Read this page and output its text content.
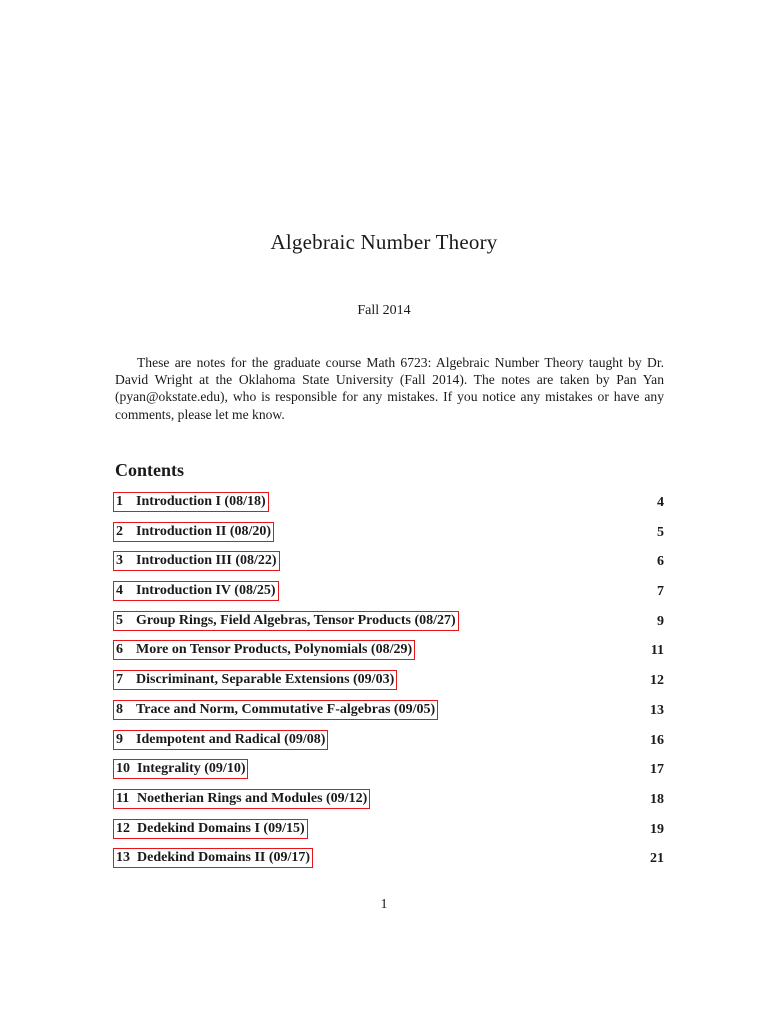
Algebraic Number Theory
Fall 2014
These are notes for the graduate course Math 6723: Algebraic Number Theory taught by Dr. David Wright at the Oklahoma State University (Fall 2014). The notes are taken by Pan Yan (pyan@okstate.edu), who is responsible for any mistakes. If you notice any mistakes or have any comments, please let me know.
Contents
1 Introduction I (08/18)	4
2 Introduction II (08/20)	5
3 Introduction III (08/22)	6
4 Introduction IV (08/25)	7
5 Group Rings, Field Algebras, Tensor Products (08/27)	9
6 More on Tensor Products, Polynomials (08/29)	11
7 Discriminant, Separable Extensions (09/03)	12
8 Trace and Norm, Commutative F-algebras (09/05)	13
9 Idempotent and Radical (09/08)	16
10 Integrality (09/10)	17
11 Noetherian Rings and Modules (09/12)	18
12 Dedekind Domains I (09/15)	19
13 Dedekind Domains II (09/17)	21
1
